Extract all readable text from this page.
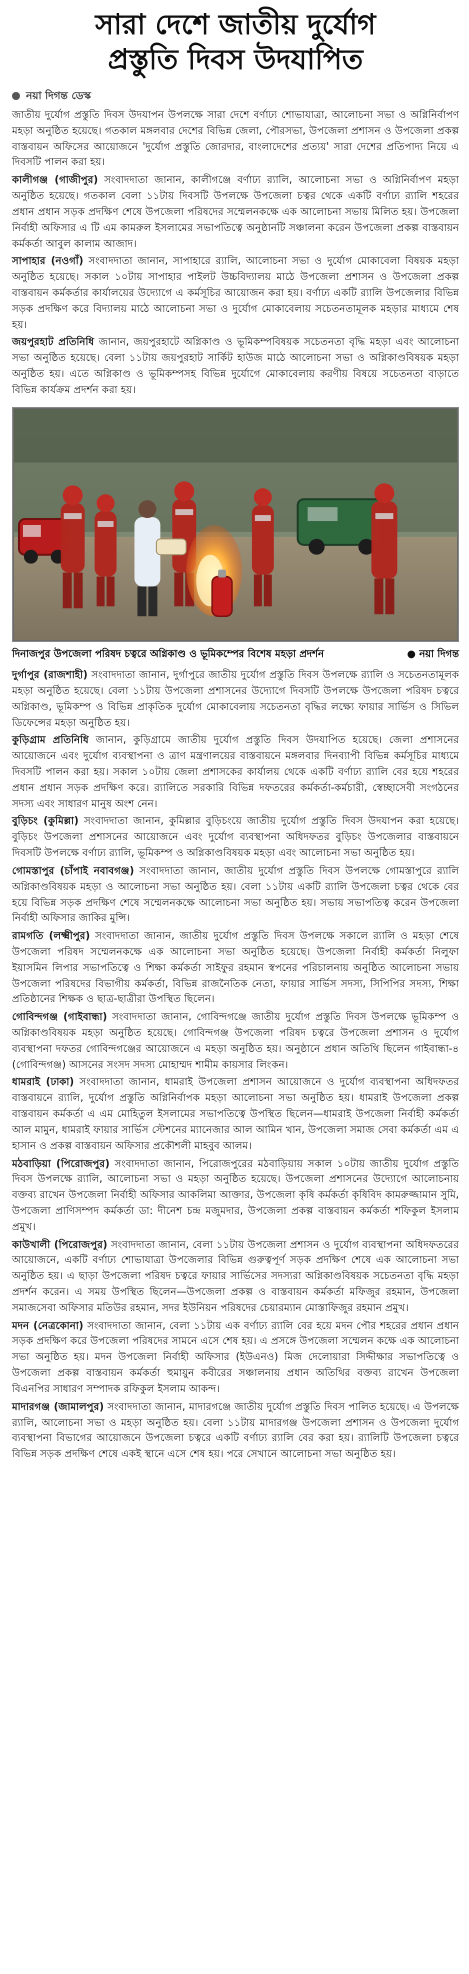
সারা দেশে জাতীয় দুর্যোগ
প্রস্তুতি দিবস উদযাপিত
নয়া দিগন্ত ডেস্ক

জাতীয় দুর্যোগ প্রস্তুতি দিবস উদযাপন উপলক্ষে সারা দেশে বর্ণাঢ্য শোভাযাত্রা, আলোচনা সভা ও অগ্নিনির্বাপণ মহড়া অনুষ্ঠিত হয়েছে। গতকাল মঙ্গলবার দেশের বিভিন্ন জেলা, পৌরসভা, উপজেলা প্রশাসন ও উপজেলা প্রকল্প বাস্তবায়ন অফিসের আয়োজনে 'দুর্যোগ প্রস্তুতি জোরদার, বাংলাদেশের প্রত্যয়' সারা দেশের প্রতিপাদ্য নিয়ে এ দিবসটি পালন করা হয়।

কালীগঞ্জ (গাজীপুর) সংবাদদাতা জানান, কালীগঞ্জে বর্ণাঢ্য র‌্যালি, আলোচনা সভা ও অগ্নিনির্বাপণ মহড়া অনুষ্ঠিত হয়েছে। গতকাল বেলা ১১টায় দিবসটি উপলক্ষে উপজেলা চত্বর থেকে একটি বর্ণাঢ্য র‌্যালি শহরের প্রধান প্রধান সড়ক প্রদক্ষিণ শেষে উপজেলা পরিষদের সম্মেলনকক্ষে এক আলোচনা সভায় মিলিত হয়। উপজেলা নির্বাহী অফিসার এ টি এম কামরুল ইসলামের সভাপতিত্বে অনুষ্ঠানটি সঞ্চালনা করেন উপজেলা প্রকল্প বাস্তবায়ন কর্মকর্তা আবুল কালাম আজাদ।

সাপাহার (নওগাঁ) সংবাদদাতা জানান, সাপাহারে র‌্যালি, আলোচনা সভা ও দুর্যোগ মোকাবেলা বিষয়ক মহড়া অনুষ্ঠিত হয়েছে। সকাল ১০টায় সাপাহার পাইলট উচ্চবিদ্যালয় মাঠে উপজেলা প্রশাসন ও উপজেলা প্রকল্প বাস্তবায়ন কর্মকর্তার কার্যালয়ের উদ্যোগে এ কর্মসূচির আয়োজন করা হয়। বর্ণাঢ্য একটি র‌্যালি উপজেলার বিভিন্ন সড়ক প্রদক্ষিণ করে বিদ্যালয় মাঠে আলোচনা সভা ও দুর্যোগ মোকাবেলায় সচেতনতামূলক মহড়ার মাধ্যমে শেষ হয়।

জয়পুরহাট প্রতিনিধি জানান, জয়পুরহাটে অগ্নিকাণ্ড ও ভূমিকম্পবিষয়ক সচেতনতা বৃদ্ধি মহড়া এবং আলোচনা সভা অনুষ্ঠিত হয়েছে। বেলা ১১টায় জয়পুরহাট সার্কিট হাউজ মাঠে আলোচনা সভা ও অগ্নিকাণ্ডবিষয়ক মহড়া অনুষ্ঠিত হয়। এতে অগ্নিকাণ্ড ও ভূমিকম্পসহ বিভিন্ন দুর্যোগে মোকাবেলায় করণীয় বিষয়ে সচেতনতা বাড়াতে বিভিন্ন কার্যক্রম প্রদর্শন করা হয়।

দিনাজপুর উপজেলা পরিষদ চত্বরে অগ্নিকাণ্ড ও ভূমিকম্পের বিশেষ মহড়া প্রদর্শন	● নয়া দিগন্ত

দুর্গাপুর (রাজশাহী) সংবাদদাতা জানান, দুর্গাপুরে জাতীয় দুর্যোগ প্রস্তুতি দিবস উপলক্ষে র‌্যালি ও সচেতনতামূলক মহড়া অনুষ্ঠিত হয়েছে। বেলা ১১টায় উপজেলা প্রশাসনের উদ্যোগে দিবসটি উপলক্ষে উপজেলা পরিষদ চত্বরে অগ্নিকাণ্ড, ভূমিকম্প ও বিভিন্ন প্রাকৃতিক দুর্যোগ মোকাবেলায় সচেতনতা বৃদ্ধির লক্ষ্যে ফায়ার সার্ভিস ও সিভিল ডিফেন্সের মহড়া অনুষ্ঠিত হয়।

কুড়িগ্রাম প্রতিনিধি জানান, কুড়িগ্রামে জাতীয় দুর্যোগ প্রস্তুতি দিবস উদযাপিত হয়েছে। জেলা প্রশাসনের আয়োজনে এবং দুর্যোগ ব্যবস্থাপনা ও ত্রাণ মন্ত্রণালয়ের বাস্তবায়নে মঙ্গলবার দিনব্যাপী বিভিন্ন কর্মসূচির মাধ্যমে দিবসটি পালন করা হয়। সকাল ১০টায় জেলা প্রশাসকের কার্যালয় থেকে একটি বর্ণাঢ্য র‌্যালি বের হয়ে শহরের প্রধান প্রধান সড়ক প্রদক্ষিণ করে। র‌্যালিতে সরকারি বিভিন্ন দফতরের কর্মকর্তা-কর্মচারী, স্বেচ্ছাসেবী সংগঠনের সদস্য এবং সাধারণ মানুষ অংশ নেন।

বুড়িচং (কুমিল্লা) সংবাদদাতা জানান, কুমিল্লার বুড়িচংয়ে জাতীয় দুর্যোগ প্রস্তুতি দিবস উদযাপন করা হয়েছে। বুড়িচং উপজেলা প্রশাসনের আয়োজনে এবং দুর্যোগ ব্যবস্থাপনা অধিদফতর বুড়িচং উপজেলার বাস্তবায়নে দিবসটি উপলক্ষে বর্ণাঢ্য র‌্যালি, ভূমিকম্প ও অগ্নিকাণ্ডবিষয়ক মহড়া এবং আলোচনা সভা অনুষ্ঠিত হয়।

গোমস্তাপুর (চাঁপাই নবাবগঞ্জ) সংবাদদাতা জানান, জাতীয় দুর্যোগ প্রস্তুতি দিবস উপলক্ষে গোমস্তাপুরে র‌্যালি অগ্নিকাণ্ডবিষয়ক মহড়া ও আলোচনা সভা অনুষ্ঠিত হয়। বেলা ১১টায় একটি র‌্যালি উপজেলা চত্বর থেকে বের হয়ে বিভিন্ন সড়ক প্রদক্ষিণ শেষে সম্মেলনকক্ষে আলোচনা সভা অনুষ্ঠিত হয়। সভায় সভাপতিত্ব করেন উপজেলা নির্বাহী অফিসার জাকির মুন্সি।

রামগতি (লক্ষ্মীপুর) সংবাদদাতা জানান, জাতীয় দুর্যোগ প্রস্তুতি দিবস উপলক্ষে সকালে র‌্যালি ও মহড়া শেষে উপজেলা পরিষদ সম্মেলনকক্ষে এক আলোচনা সভা অনুষ্ঠিত হয়েছে। উপজেলা নির্বাহী কর্মকর্তা নিলুফা ইয়াসমিন লিপার সভাপতিত্বে ও শিক্ষা কর্মকর্তা সাইফুর রহমান স্বপনের পরিচালনায় অনুষ্ঠিত আলোচনা সভায় উপজেলা পরিষদের বিভাগীয় কর্মকর্তা, বিভিন্ন রাজনৈতিক নেতা, ফায়ার সার্ভিস সদস্য, সিপিপির সদস্য, শিক্ষা প্রতিষ্ঠানের শিক্ষক ও ছাত্র-ছাত্রীরা উপস্থিত ছিলেন।

গোবিন্দগঞ্জ (গাইবান্ধা) সংবাদদাতা জানান, গোবিন্দগঞ্জে জাতীয় দুর্যোগ প্রস্তুতি দিবস উপলক্ষে ভূমিকম্প ও অগ্নিকাণ্ডবিষয়ক মহড়া অনুষ্ঠিত হয়েছে। গোবিন্দগঞ্জ উপজেলা পরিষদ চত্বরে উপজেলা প্রশাসন ও দুর্যোগ ব্যবস্থাপনা দফতর গোবিন্দগঞ্জের আয়োজনে এ মহড়া অনুষ্ঠিত হয়। অনুষ্ঠানে প্রধান অতিথি ছিলেন গাইবান্ধা-৪ (গোবিন্দগঞ্জ) আসনের সংসদ সদস্য মোহাম্মদ শামীম কায়সার লিংকন।

ধামরাই (ঢাকা) সংবাদদাতা জানান, ধামরাই উপজেলা প্রশাসন আয়োজনে ও দুর্যোগ ব্যবস্থাপনা অধিদফতর বাস্তবায়নে র‌্যালি, দুর্যোগ প্রস্তুতি অগ্নিনির্বাপক মহড়া আলোচনা সভা অনুষ্ঠিত হয়। ধামরাই উপজেলা প্রকল্প বাস্তবায়ন কর্মকর্তা এ এম মোহিতুল ইসলামের সভাপতিত্বে উপস্থিত ছিলেন—ধামরাই উপজেলা নির্বাহী কর্মকর্তা আল মামুন, ধামরাই ফায়ার সার্ভিস স্টেশনের ম্যানেজার আল আমিন খান, উপজেলা সমাজ সেবা কর্মকর্তা এম এ হাসান ও প্রকল্প বাস্তবায়ন অফিসার প্রকৌশলী মাহবুব আলম।

মঠবাড়িয়া (পিরোজপুর) সংবাদদাতা জানান, পিরোজপুরের মঠবাড়িয়ায় সকাল ১০টায় জাতীয় দুর্যোগ প্রস্তুতি দিবস উপলক্ষে র‌্যালি, আলোচনা সভা ও মহড়া অনুষ্ঠিত হয়েছে। উপজেলা প্রশাসনের উদ্যোগে আলোচনায় বক্তব্য রাখেন উপজেলা নির্বাহী অফিসার আকলিমা আক্তার, উপজেলা কৃষি কর্মকর্তা কৃষিবিদ কামরুজ্জামান সুমি, উপজেলা প্রাণিসম্পদ কর্মকর্তা ডা: দীনেশ চন্দ্র মজুমদার, উপজেলা প্রকল্প বাস্তবায়ন কর্মকর্তা শফিকুল ইসলাম প্রমুখ।

কাউখালী (পিরোজপুর) সংবাদদাতা জানান, বেলা ১১টায় উপজেলা প্রশাসন ও দুর্যোগ ব্যবস্থাপনা অধিদফতরের আয়োজনে, একটি বর্ণাঢ্য শোভাযাত্রা উপজেলার বিভিন্ন গুরুত্বপূর্ণ সড়ক প্রদক্ষিণ শেষে এক আলোচনা সভা অনুষ্ঠিত হয়। এ ছাড়া উপজেলা পরিষদ চত্বরে ফায়ার সার্ভিসের সদস্যরা অগ্নিকাণ্ডবিষয়ক সচেতনতা বৃদ্ধি মহড়া প্রদর্শন করেন। এ সময় উপস্থিত ছিলেন—উপজেলা প্রকল্প ও বাস্তবায়ন কর্মকর্তা মফিজুর রহমান, উপজেলা সমাজসেবা অফিসার মতিউর রহমান, সদর ইউনিয়ন পরিষদের চেয়ারম্যান মোস্তাফিজুর রহমান প্রমুখ।

মদন (নেত্রকোনা) সংবাদদাতা জানান, বেলা ১১টায় এক বর্ণাঢ্য র‌্যালি বের হয়ে মদন পৌর শহরের প্রধান প্রধান সড়ক প্রদক্ষিণ করে উপজেলা পরিষদের সামনে এসে শেষ হয়। এ প্রসঙ্গে উপজেলা সম্মেলন কক্ষে এক আলোচনা সভা অনুষ্ঠিত হয়। মদন উপজেলা নির্বাহী অফিসার (ইউএনও) মিজ দেলোয়ারা সিদ্দীক্ষার সভাপতিত্বে ও উপজেলা প্রকল্প বাস্তবায়ন কর্মকর্তা হুমায়ুন কবীরের সঞ্চালনায় প্রধান অতিথির বক্তব্য রাখেন উপজেলা বিএনপির সাধারণ সম্পাদক রফিকুল ইসলাম আকন্দ।

মাদারগঞ্জ (জামালপুর) সংবাদদাতা জানান, মাদারগঞ্জে জাতীয় দুর্যোগ প্রস্তুতি দিবস পালিত হয়েছে। এ উপলক্ষে র‌্যালি, আলোচনা সভা ও মহড়া অনুষ্ঠিত হয়। বেলা ১১টায় মাদারগঞ্জ উপজেলা প্রশাসন ও উপজেলা দুর্যোগ ব্যবস্থাপনা বিভাগের আয়োজনে উপজেলা চত্বরে একটি বর্ণাঢ্য র‌্যালি বের করা হয়। র‌্যালিটি উপজেলা চত্বরে বিভিন্ন সড়ক প্রদক্ষিণ শেষে একই স্থানে এসে শেষ হয়। পরে সেখানে আলোচনা সভা অনুষ্ঠিত হয়।
